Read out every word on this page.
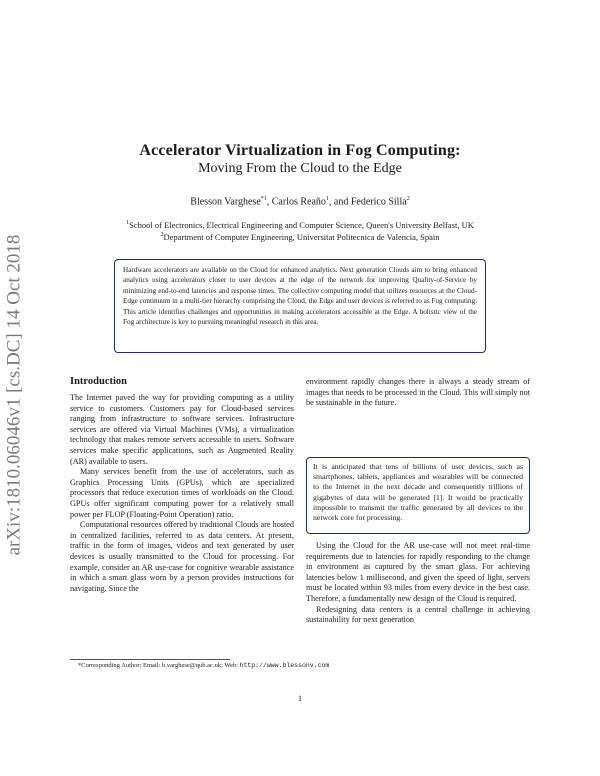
arXiv:1810.06046v1 [cs.DC] 14 Oct 2018
Accelerator Virtualization in Fog Computing:
Moving From the Cloud to the Edge
Blesson Varghese$^{*1}$, Carlos Reaño$^1$, and Federico Silla$^2$
$^1$School of Electronics, Electrical Engineering and Computer Science, Queen's University Belfast, UK
$^2$Department of Computer Engineering, Universitat Politecnica de Valencia, Spain
Hardware accelerators are available on the Cloud for enhanced analytics. Next generation Clouds aim to bring enhanced analytics using accelerators closer to user devices at the edge of the network for improving Quality-of-Service by minimizing end-to-end latencies and response times. The collective computing model that utilizes resources at the Cloud-Edge continuum in a multi-tier hierarchy comprising the Cloud, the Edge and user devices is referred to as Fog computing. This article identifies challenges and opportunities in making accelerators accessible at the Edge. A holistic view of the Fog architecture is key to pursuing meaningful research in this area.
Introduction

The Internet paved the way for providing computing as a utility service to customers. Customers pay for Cloud-based services ranging from infrastructure to software services. Infrastructure services are offered via Virtual Machines (VMs), a virtualization technology that makes remote servers accessible to users. Software services make specific applications, such as Augmented Reality (AR) available to users.

Many services benefit from the use of accelerators, such as Graphics Processing Units (GPUs), which are specialized processors that reduce execution times of workloads on the Cloud. GPUs offer significant computing power for a relatively small power per FLOP (Floating-Point Operation) ratio.

Computational resources offered by traditional Clouds are hosted in centralized facilities, referred to as data centers. At present, traffic in the form of images, videos and text generated by user devices is usually transmitted to the Cloud for processing. For example, consider an AR use-case for cognitive wearable assistance in which a smart glass worn by a person provides instructions for navigating. Since the

environment rapidly changes there is always a steady stream of images that needs to be processed in the Cloud. This will simply not be sustainable in the future.

It is anticipated that tens of billions of user devices, such as smartphones, tablets, appliances and wearables will be connected to the Internet in the next decade and consequently trillions of gigabytes of data will be generated [1]. It would be practically impossible to transmit the traffic generated by all devices to the network core for processing.

Using the Cloud for the AR use-case will not meet real-time requirements due to latencies for rapidly responding to the change in environment as captured by the smart glass. For achieving latencies below 1 millisecond, and given the speed of light, servers must be located within 93 miles from every device in the best case. Therefore, a fundamentally new design of the Cloud is required.

Redesigning data centers is a central challenge in achieving sustainability for next generation

*Corresponding Author; Email: b.varghese@qub.ac.uk; Web: http://www.blessonv.com
1
